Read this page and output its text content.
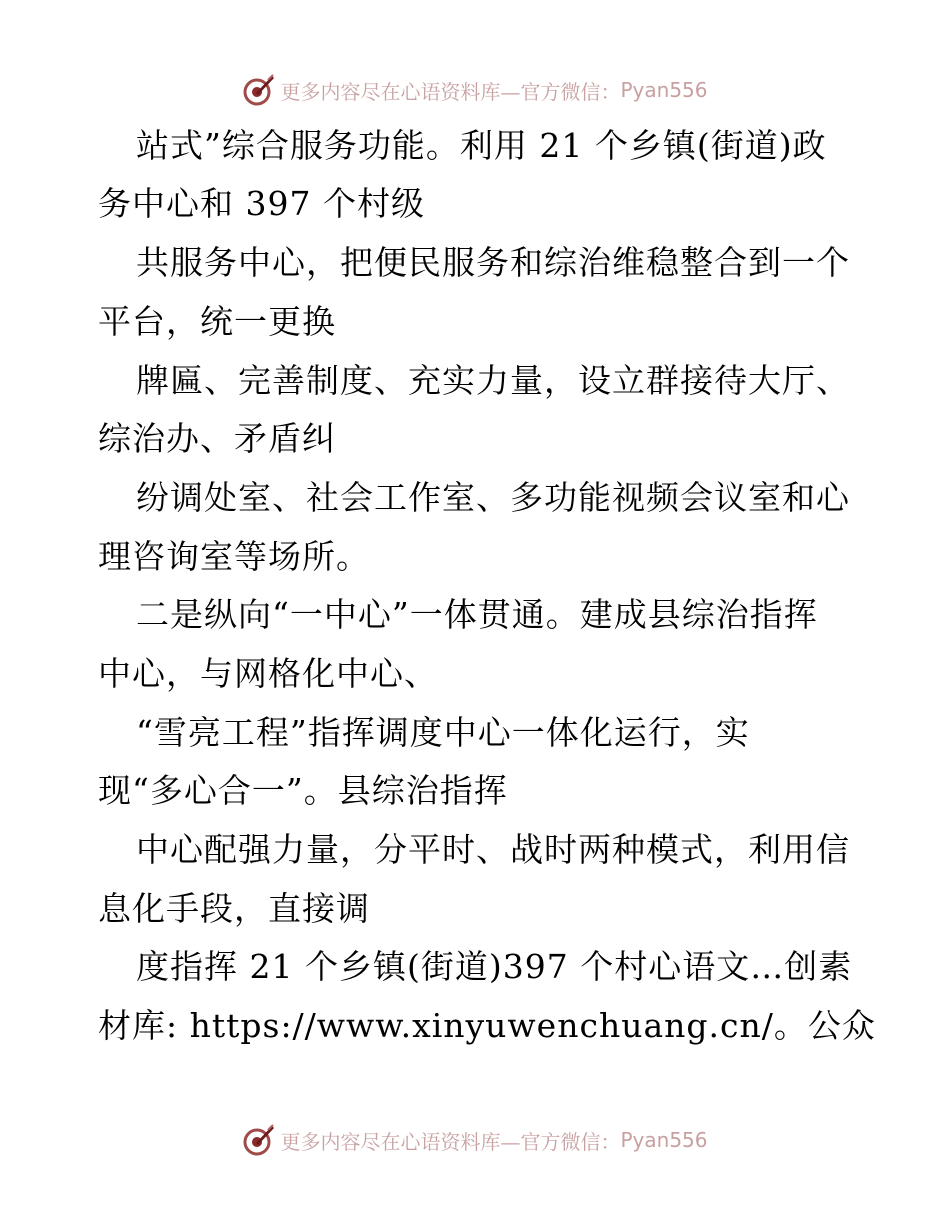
更多内容尽在心语资料库—官方微信： Pyan556
站式”综合服务功能。利用 21 个乡镇(街道)政
务中心和 397 个村级
共服务中心，把便民服务和综治维稳整合到一个
平台，统一更换
牌匾、完善制度、充实力量，设立群接待大厅、
综治办、矛盾纠
纷调处室、社会工作室、多功能视频会议室和心
理咨询室等场所。
二是纵向“一中心”一体贯通。建成县综治指挥
中心，与网格化中心、
“雪亮工程”指挥调度中心一体化运行，实
现“多心合一”。县综治指挥
中心配强力量，分平时、战时两种模式，利用信
息化手段，直接调
度指挥 21 个乡镇(街道)397 个村心语文…创素
材库: https://www.xinyuwenchuang.cn/。公众
更多内容尽在心语资料库—官方微信： Pyan556
